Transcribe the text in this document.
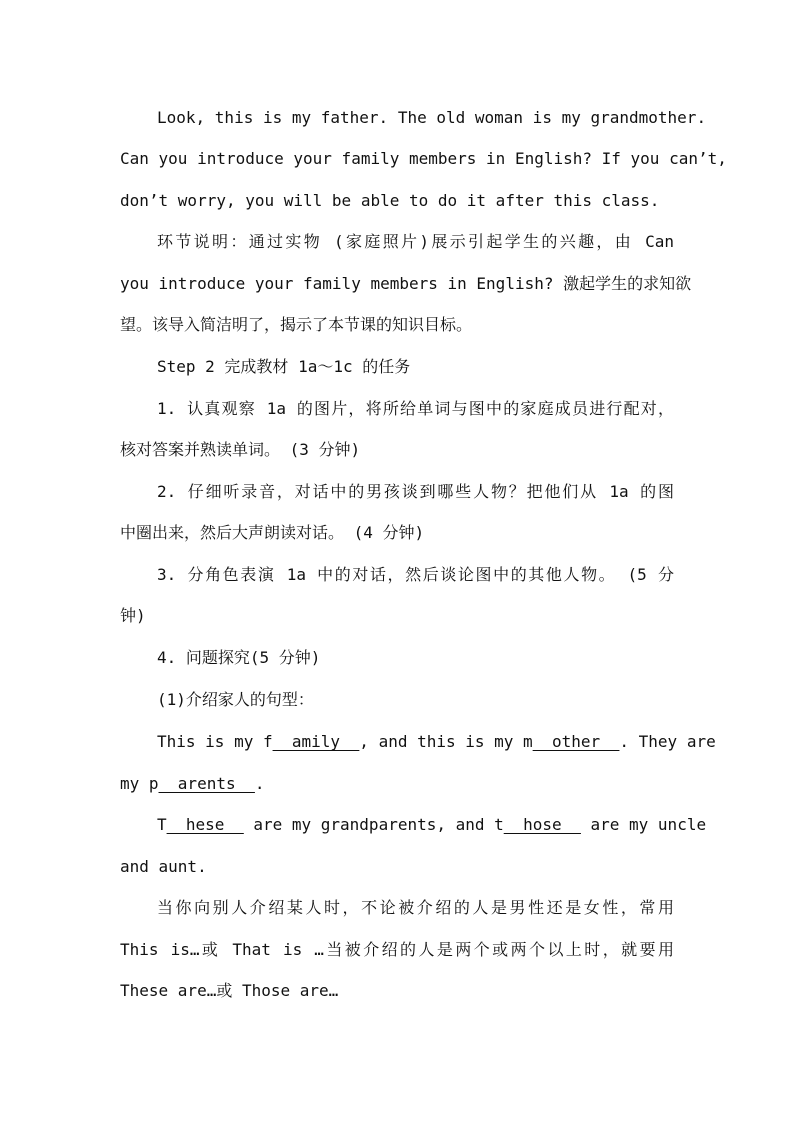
Look, this is my father. The old woman is my grandmother.
Can you introduce your family members in English? If you can’t,
don’t worry, you will be able to do it after this class.
环节说明：通过实物 (家庭照片)展示引起学生的兴趣，由 Can
you introduce your family members in English? 激起学生的求知欲
望。该导入简洁明了，揭示了本节课的知识目标。
Step 2 完成教材 1a～1c 的任务
1. 认真观察 1a 的图片，将所给单词与图中的家庭成员进行配对，
核对答案并熟读单词。 (3 分钟)
2. 仔细听录音，对话中的男孩谈到哪些人物？把他们从 1a 的图
中圈出来，然后大声朗读对话。 (4 分钟)
3. 分角色表演 1a 中的对话，然后谈论图中的其他人物。 (5 分
钟)
4. 问题探究(5 分钟)
(1)介绍家人的句型：
This is my f__amily__, and this is my m__other__. They are
my p__arents__.
T__hese__ are my grandparents, and t__hose__ are my uncle
and aunt.
当你向别人介绍某人时，不论被介绍的人是男性还是女性，常用
This is…或 That is …当被介绍的人是两个或两个以上时，就要用
These are…或 Those are…
